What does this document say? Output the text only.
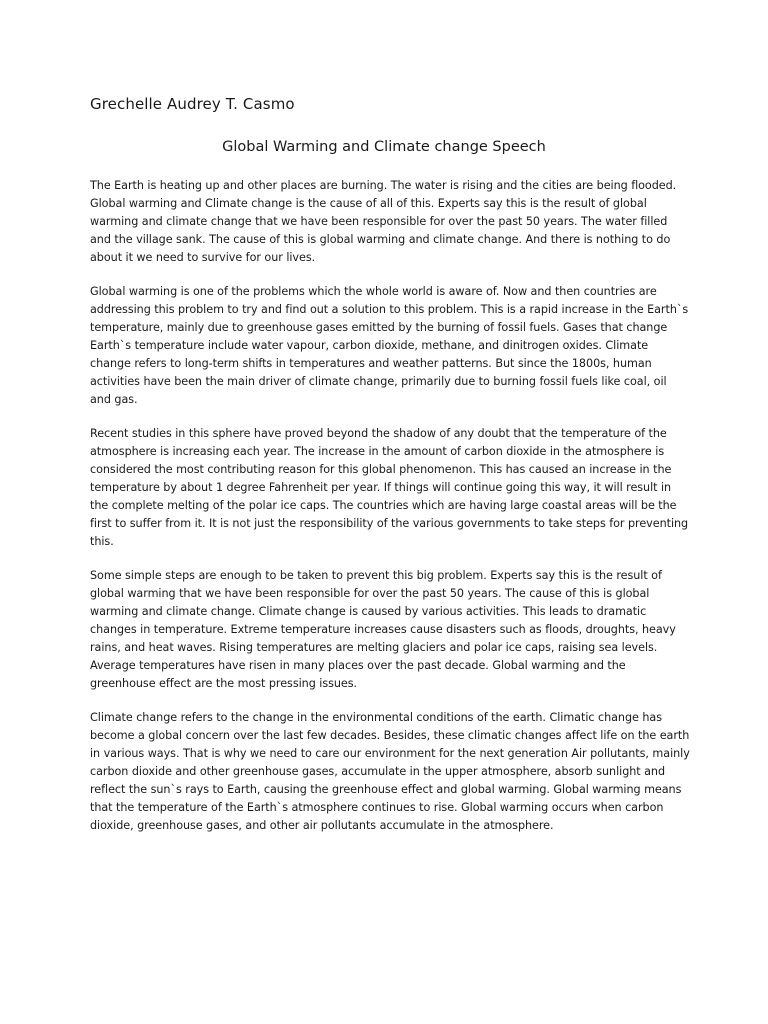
Grechelle Audrey T. Casmo
Global Warming and Climate change Speech

The Earth is heating up and other places are burning. The water is rising and the cities are being flooded. Global warming and Climate change is the cause of all of this. Experts say this is the result of global warming and climate change that we have been responsible for over the past 50 years. The water filled and the village sank. The cause of this is global warming and climate change. And there is nothing to do about it we need to survive for our lives.

Global warming is one of the problems which the whole world is aware of. Now and then countries are addressing this problem to try and find out a solution to this problem. This is a rapid increase in the Earth`s temperature, mainly due to greenhouse gases emitted by the burning of fossil fuels. Gases that change Earth`s temperature include water vapour, carbon dioxide, methane, and dinitrogen oxides. Climate change refers to long-term shifts in temperatures and weather patterns. But since the 1800s, human activities have been the main driver of climate change, primarily due to burning fossil fuels like coal, oil and gas.

Recent studies in this sphere have proved beyond the shadow of any doubt that the temperature of the atmosphere is increasing each year. The increase in the amount of carbon dioxide in the atmosphere is considered the most contributing reason for this global phenomenon. This has caused an increase in the temperature by about 1 degree Fahrenheit per year. If things will continue going this way, it will result in the complete melting of the polar ice caps. The countries which are having large coastal areas will be the first to suffer from it. It is not just the responsibility of the various governments to take steps for preventing this.

Some simple steps are enough to be taken to prevent this big problem. Experts say this is the result of global warming that we have been responsible for over the past 50 years. The cause of this is global warming and climate change. Climate change is caused by various activities. This leads to dramatic changes in temperature. Extreme temperature increases cause disasters such as floods, droughts, heavy rains, and heat waves. Rising temperatures are melting glaciers and polar ice caps, raising sea levels. Average temperatures have risen in many places over the past decade. Global warming and the greenhouse effect are the most pressing issues.

Climate change refers to the change in the environmental conditions of the earth. Climatic change has become a global concern over the last few decades. Besides, these climatic changes affect life on the earth in various ways. That is why we need to care our environment for the next generation Air pollutants, mainly carbon dioxide and other greenhouse gases, accumulate in the upper atmosphere, absorb sunlight and reflect the sun`s rays to Earth, causing the greenhouse effect and global warming. Global warming means that the temperature of the Earth`s atmosphere continues to rise. Global warming occurs when carbon dioxide, greenhouse gases, and other air pollutants accumulate in the atmosphere.
